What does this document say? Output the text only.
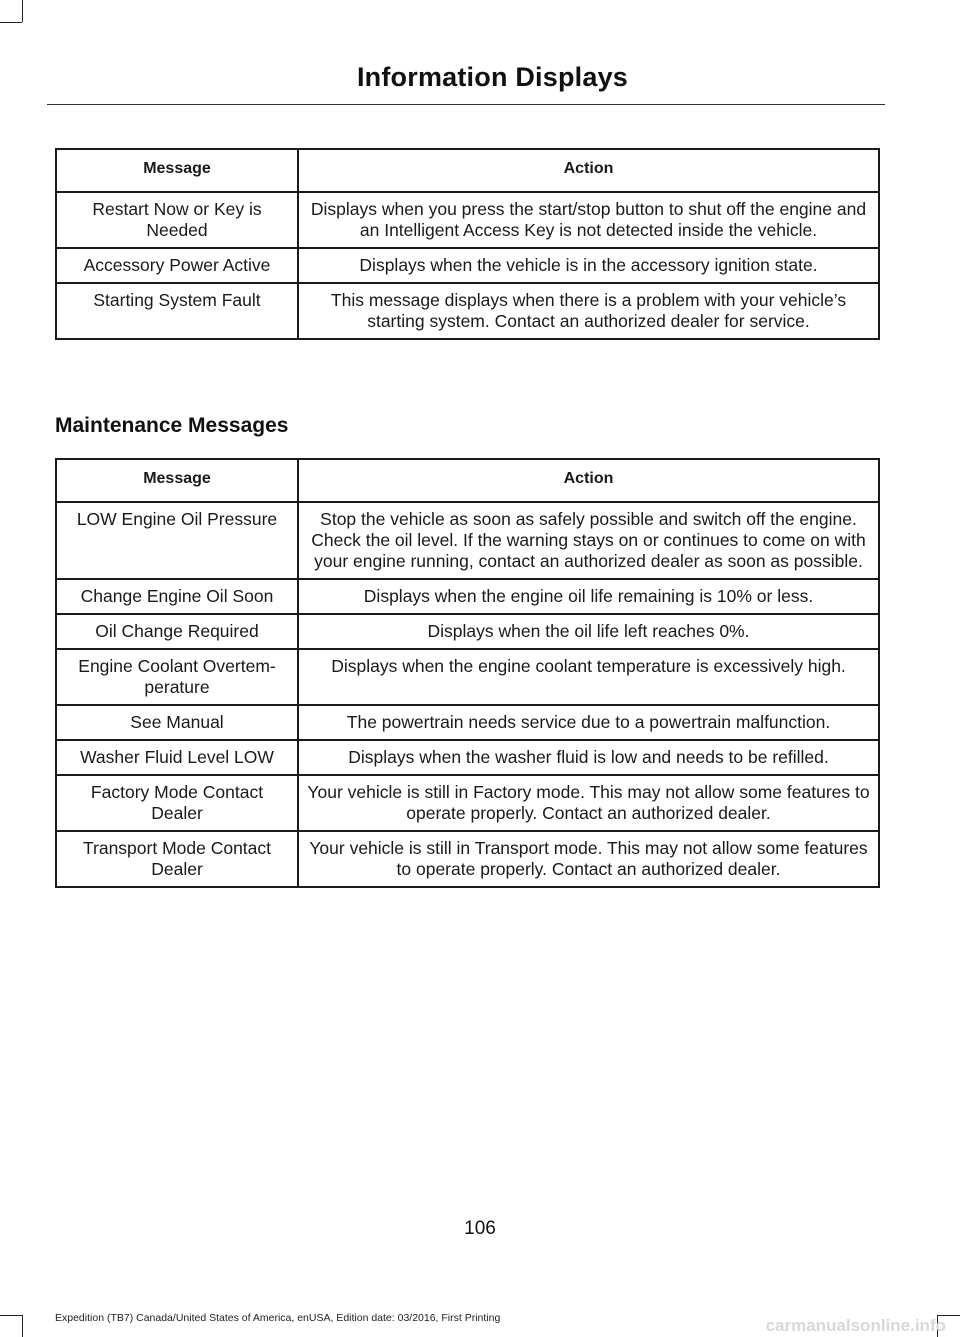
Information Displays
Message	Action
Restart Now or Key is Needed	Displays when you press the start/stop button to shut off the engine and an Intelligent Access Key is not detected inside the vehicle.
Accessory Power Active	Displays when the vehicle is in the accessory ignition state.
Starting System Fault	This message displays when there is a problem with your vehicle’s starting system. Contact an authorized dealer for service.
Maintenance Messages
Message	Action
LOW Engine Oil Pressure	Stop the vehicle as soon as safely possible and switch off the engine. Check the oil level. If the warning stays on or continues to come on with your engine running, contact an authorized dealer as soon as possible.
Change Engine Oil Soon	Displays when the engine oil life remaining is 10% or less.
Oil Change Required	Displays when the oil life left reaches 0%.
Engine Coolant Overtem-perature	Displays when the engine coolant temperature is excessively high.
See Manual	The powertrain needs service due to a powertrain malfunction.
Washer Fluid Level LOW	Displays when the washer fluid is low and needs to be refilled.
Factory Mode Contact Dealer	Your vehicle is still in Factory mode. This may not allow some features to operate properly. Contact an authorized dealer.
Transport Mode Contact Dealer	Your vehicle is still in Transport mode. This may not allow some features to operate properly. Contact an authorized dealer.
106
Expedition (TB7) Canada/United States of America, enUSA, Edition date: 03/2016, First Printing	carmanualsonline.info
